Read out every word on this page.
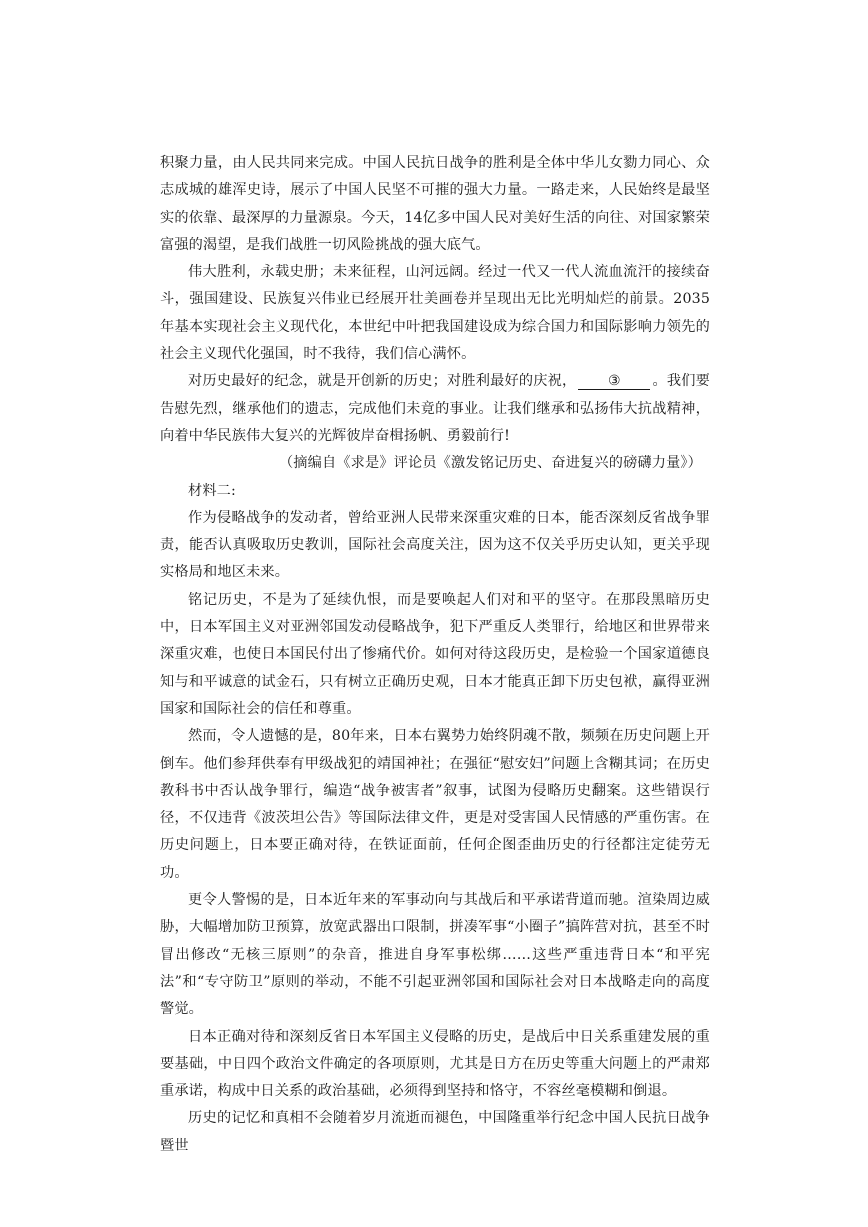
积聚力量，由人民共同来完成。中国人民抗日战争的胜利是全体中华儿女勠力同心、众志成城的雄浑史诗，展示了中国人民坚不可摧的强大力量。一路走来，人民始终是最坚实的依靠、最深厚的力量源泉。今天，14亿多中国人民对美好生活的向往、对国家繁荣富强的渴望，是我们战胜一切风险挑战的强大底气。

伟大胜利，永载史册；未来征程，山河远阔。经过一代又一代人流血流汗的接续奋斗，强国建设、民族复兴伟业已经展开壮美画卷并呈现出无比光明灿烂的前景。2035年基本实现社会主义现代化，本世纪中叶把我国建设成为综合国力和国际影响力领先的社会主义现代化强国，时不我待，我们信心满怀。

对历史最好的纪念，就是开创新的历史；对胜利最好的庆祝， ③ 。我们要告慰先烈，继承他们的遗志，完成他们未竟的事业。让我们继承和弘扬伟大抗战精神，向着中华民族伟大复兴的光辉彼岸奋楫扬帆、勇毅前行!

（摘编自《求是》评论员《激发铭记历史、奋进复兴的磅礴力量》）

材料二:

作为侵略战争的发动者，曾给亚洲人民带来深重灾难的日本，能否深刻反省战争罪责，能否认真吸取历史教训，国际社会高度关注，因为这不仅关乎历史认知，更关乎现实格局和地区未来。

铭记历史，不是为了延续仇恨，而是要唤起人们对和平的坚守。在那段黑暗历史中，日本军国主义对亚洲邻国发动侵略战争，犯下严重反人类罪行，给地区和世界带来深重灾难，也使日本国民付出了惨痛代价。如何对待这段历史，是检验一个国家道德良知与和平诚意的试金石，只有树立正确历史观，日本才能真正卸下历史包袱，赢得亚洲国家和国际社会的信任和尊重。

然而，令人遗憾的是，80年来，日本右翼势力始终阴魂不散，频频在历史问题上开倒车。他们参拜供奉有甲级战犯的靖国神社；在强征“慰安妇”问题上含糊其词；在历史教科书中否认战争罪行，编造“战争被害者”叙事，试图为侵略历史翻案。这些错误行径，不仅违背《波茨坦公告》等国际法律文件，更是对受害国人民情感的严重伤害。在历史问题上，日本要正确对待，在铁证面前，任何企图歪曲历史的行径都注定徒劳无功。

更令人警惕的是，日本近年来的军事动向与其战后和平承诺背道而驰。渲染周边威胁，大幅增加防卫预算，放宽武器出口限制，拼凑军事“小圈子”搞阵营对抗，甚至不时冒出修改“无核三原则”的杂音，推进自身军事松绑……这些严重违背日本“和平宪法”和“专守防卫”原则的举动，不能不引起亚洲邻国和国际社会对日本战略走向的高度警觉。

日本正确对待和深刻反省日本军国主义侵略的历史，是战后中日关系重建发展的重要基础，中日四个政治文件确定的各项原则，尤其是日方在历史等重大问题上的严肃郑重承诺，构成中日关系的政治基础，必须得到坚持和恪守，不容丝毫模糊和倒退。

历史的记忆和真相不会随着岁月流逝而褪色，中国隆重举行纪念中国人民抗日战争暨世
